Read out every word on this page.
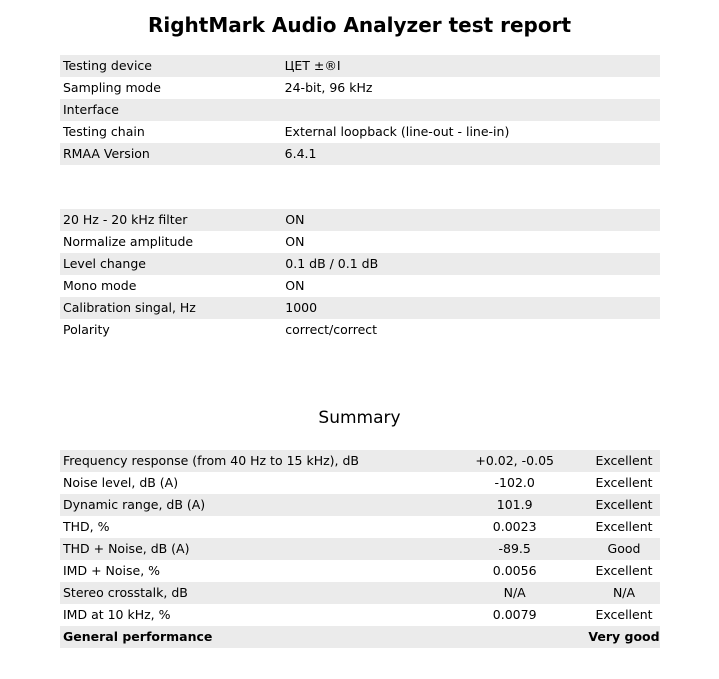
RightMark Audio Analyzer test report
Testing device	ЦЕТ ±®I
Sampling mode	24-bit, 96 kHz
Interface	
Testing chain	External loopback (line-out - line-in)
RMAA Version	6.4.1
20 Hz - 20 kHz filter	ON
Normalize amplitude	ON
Level change	0.1 dB / 0.1 dB
Mono mode	ON
Calibration singal, Hz	1000
Polarity	correct/correct
Summary
Frequency response (from 40 Hz to 15 kHz), dB	+0.02, -0.05	Excellent
Noise level, dB (A)	-102.0	Excellent
Dynamic range, dB (A)	101.9	Excellent
THD, %	0.0023	Excellent
THD + Noise, dB (A)	-89.5	Good
IMD + Noise, %	0.0056	Excellent
Stereo crosstalk, dB	N/A	N/A
IMD at 10 kHz, %	0.0079	Excellent
General performance		Very good
